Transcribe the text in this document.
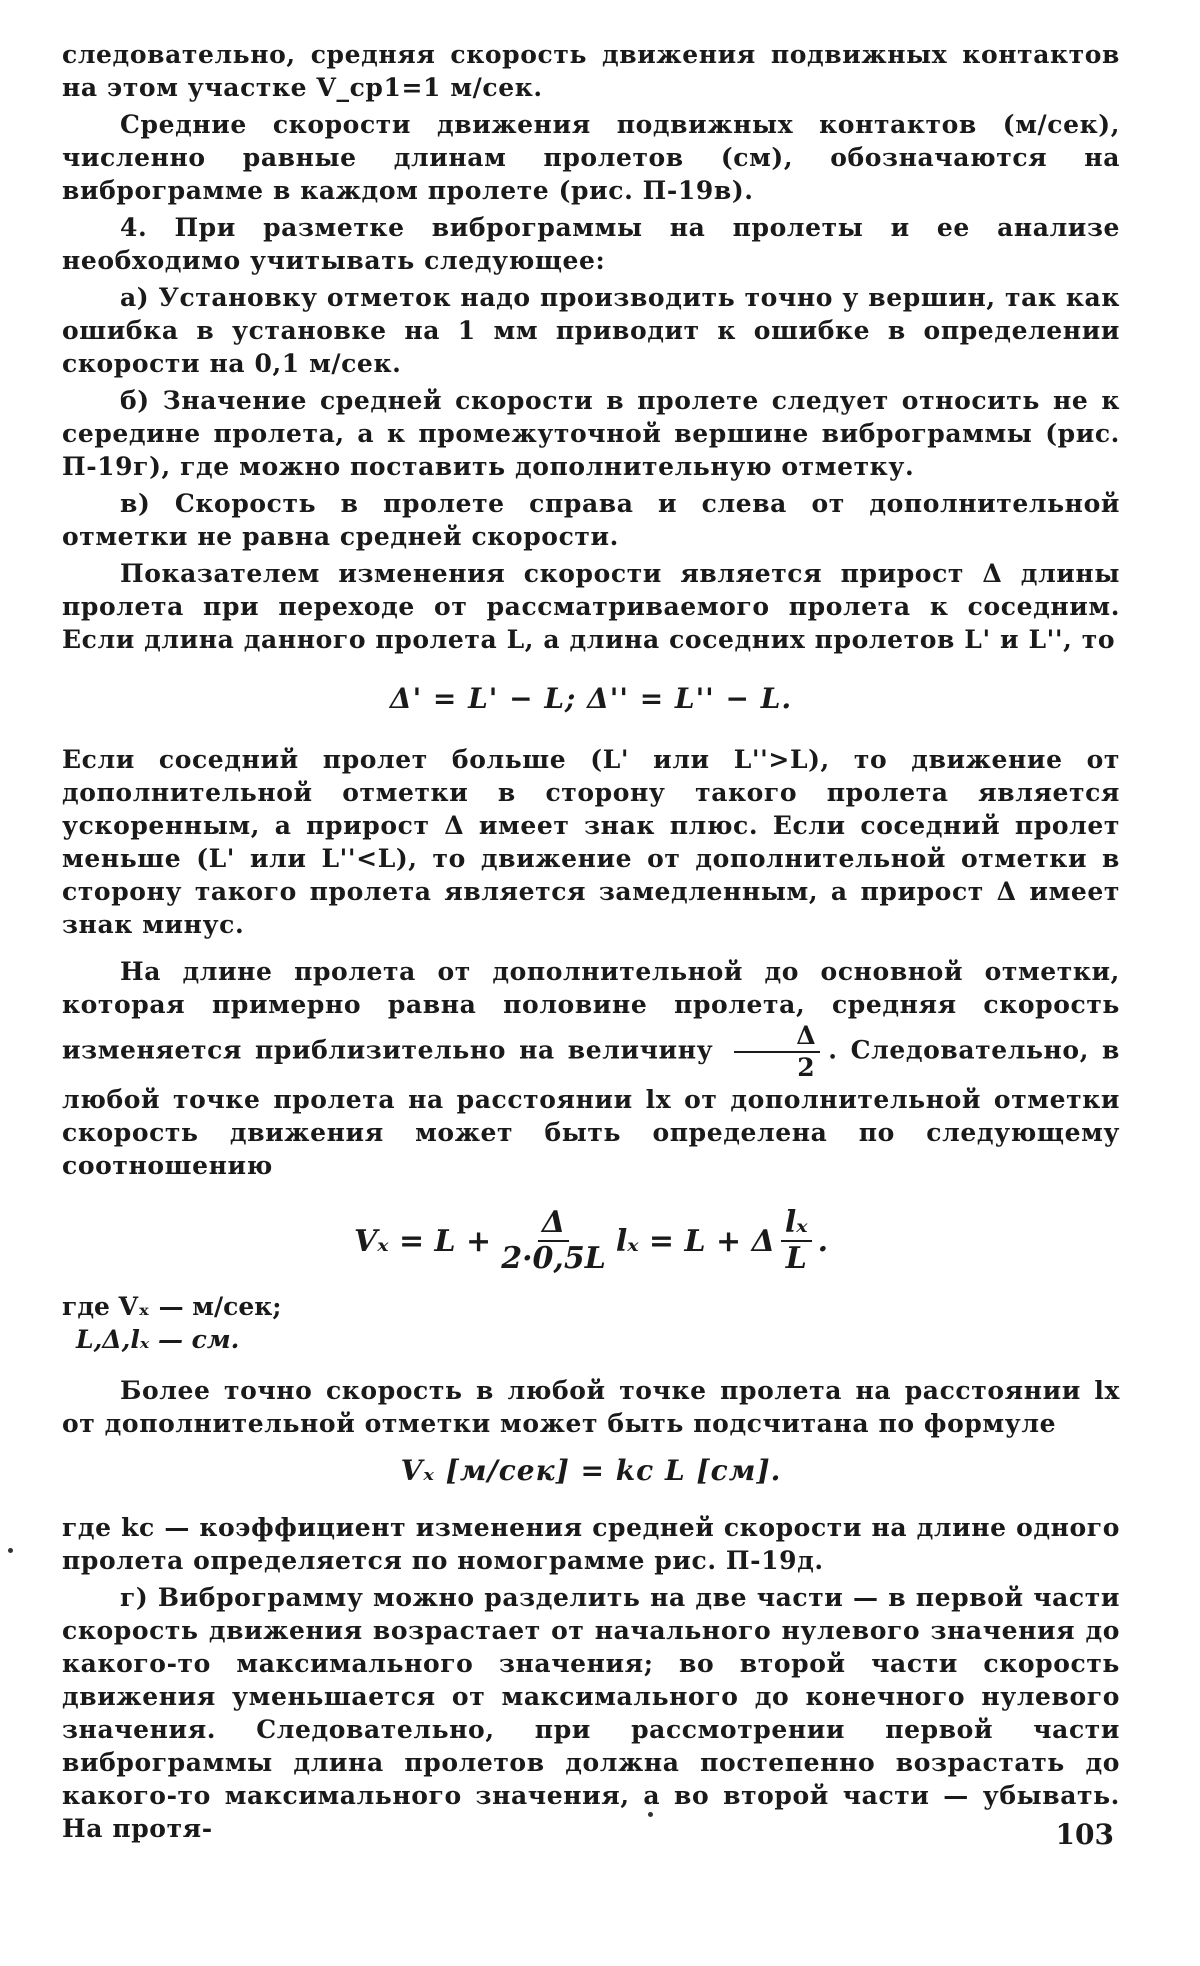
следовательно, средняя скорость движения подвижных контактов на этом участке V_ср1=1 м/сек.

Средние скорости движения подвижных контактов (м/сек), численно равные длинам пролетов (см), обозначаются на виброграмме в каждом пролете (рис. П-19в).

4. При разметке виброграммы на пролеты и ее анализе необходимо учитывать следующее:

а) Установку отметок надо производить точно у вершин, так как ошибка в установке на 1 мм приводит к ошибке в определении скорости на 0,1 м/сек.

б) Значение средней скорости в пролете следует относить не к середине пролета, а к промежуточной вершине виброграммы (рис. П-19г), где можно поставить дополнительную отметку.

в) Скорость в пролете справа и слева от дополнительной отметки не равна средней скорости.

Показателем изменения скорости является прирост Δ длины пролета при переходе от рассматриваемого пролета к соседним. Если длина данного пролета L, а длина соседних пролетов L' и L'', то

Δ' = L' − L; Δ'' = L'' − L.

Если соседний пролет больше (L' или L''>L), то движение от дополнительной отметки в сторону такого пролета является ускоренным, а прирост Δ имеет знак плюс. Если соседний пролет меньше (L' или L''<L), то движение от дополнительной отметки в сторону такого пролета является замедленным, а прирост Δ имеет знак минус.

На длине пролета от дополнительной до основной отметки, которая примерно равна половине пролета, средняя скорость изменяется приблизительно на величину $\frac{\Delta}{2}$ . Следовательно, в любой точке пролета на расстоянии lх от дополнительной отметки скорость движения может быть определена по следующему соотношению

$V_x = L + \frac{\Delta}{2\cdot 0,5L}$ lₓ = L + Δ $\frac{\text{lₓ}}{L}$ .
где Vₓ — м/сек;
L,Δ,lₓ — см.

Более точно скорость в любой точке пролета на расстоянии lх от дополнительной отметки может быть подсчитана по формуле

Vₓ [м/сек] = kс L [см].

где kс — коэффициент изменения средней скорости на длине одного пролета определяется по номограмме рис. П-19д.

г) Виброграмму можно разделить на две части — в первой части скорость движения возрастает от начального нулевого значения до какого-то максимального значения; во второй части скорость движения уменьшается от максимального до конечного нулевого значения. Следовательно, при рассмотрении первой части виброграммы длина пролетов должна постепенно возрастать до какого-то максимального значения, а во второй части — убывать. На протя-	103
